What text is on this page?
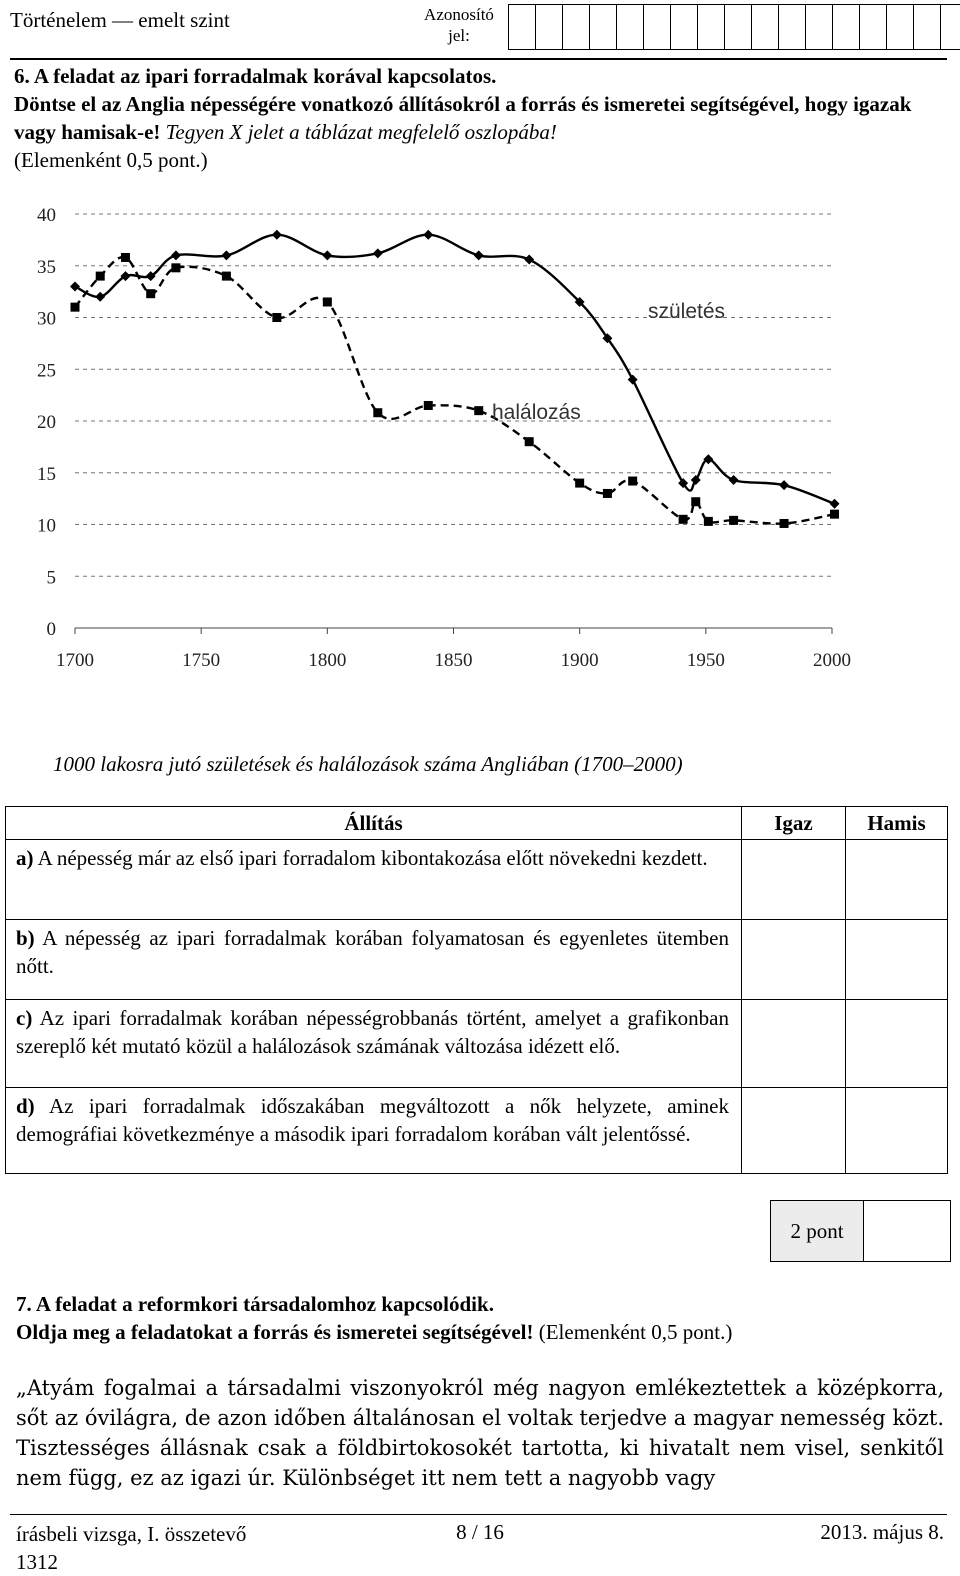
Történelem — emelt szint	Azonosító jel:
6. A feladat az ipari forradalmak korával kapcsolatos.
Döntse el az Anglia népességére vonatkozó állításokról a forrás és ismeretei segítségével, hogy igazak vagy hamisak-e! Tegyen X jelet a táblázat megfelelő oszlopába!
(Elemenként 0,5 pont.)
0
5
10
15
20
25
30
35
40
1700	1750	1800	1850	1900	1950	2000
születés
halálozás
1000 lakosra jutó születések és halálozások száma Angliában (1700–2000)
Állítás	Igaz	Hamis

a) A népesség már az első ipari forradalom kibontakozása előtt növekedni kezdett.		

b) A népesség az ipari forradalmak korában folyamatosan és egyenletes ütemben nőtt.		

c) Az ipari forradalmak korában népességrobbanás történt, amelyet a grafikonban szereplő két mutató közül a halálozások számának változása idézett elő.		

d) Az ipari forradalmak időszakában megváltozott a nők helyzete, aminek demográfiai következménye a második ipari forradalom korában vált jelentőssé.		

2 pont	
7. A feladat a reformkori társadalomhoz kapcsolódik.
Oldja meg a feladatokat a forrás és ismeretei segítségével! (Elemenként 0,5 pont.)
„Atyám fogalmai a társadalmi viszonyokról még nagyon emlékeztettek a középkorra, sőt az óvilágra, de azon időben általánosan el voltak terjedve a magyar nemesség közt. Tisztességes állásnak csak a földbirtokosokét tartotta, ki hivatalt nem visel, senkitől nem függ, ez az igazi úr. Különbséget itt nem tett a nagyobb vagy
írásbeli vizsga, I. összetevő
1312
8 / 16	2013. május 8.
